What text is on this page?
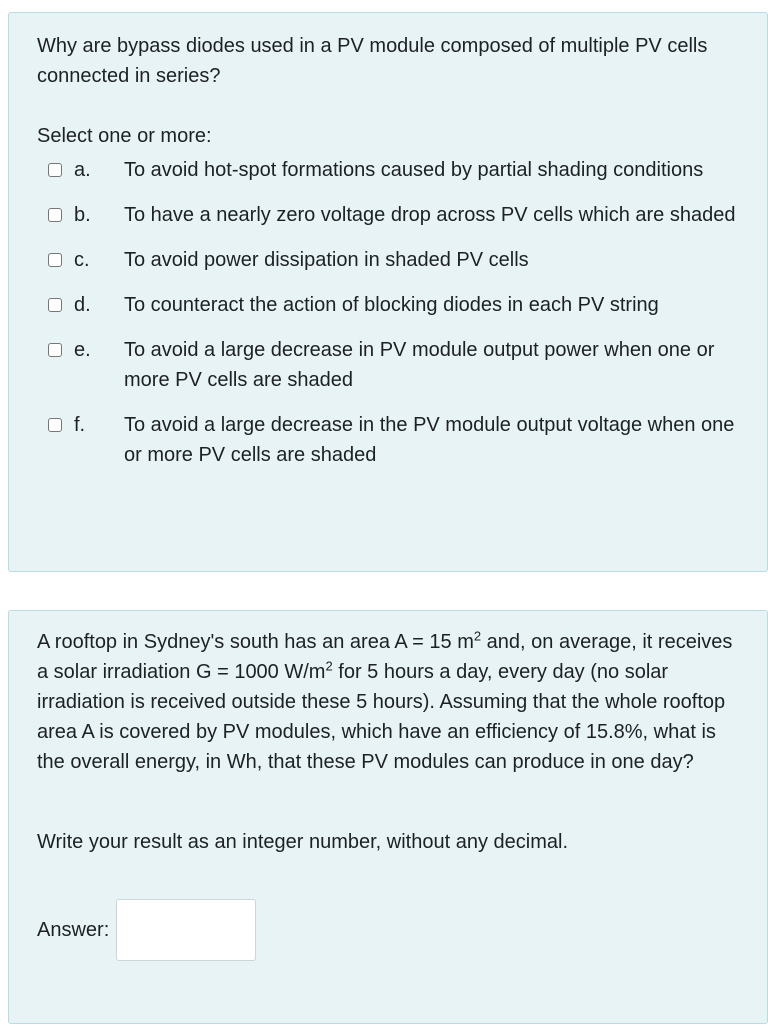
Why are bypass diodes used in a PV module composed of multiple PV cells connected in series?

Select one or more:
a.	To avoid hot-spot formations caused by partial shading conditions
b.	To have a nearly zero voltage drop across PV cells which are shaded
c.	To avoid power dissipation in shaded PV cells
d.	To counteract the action of blocking diodes in each PV string
e.	To avoid a large decrease in PV module output power when one or more PV cells are shaded
f.	To avoid a large decrease in the PV module output voltage when one or more PV cells are shaded

A rooftop in Sydney's south has an area A = 15 $m^2$ and, on average, it receives a solar irradiation G = 1000 $W/m^2$ for 5 hours a day, every day (no solar irradiation is received outside these 5 hours). Assuming that the whole rooftop area A is covered by PV modules, which have an efficiency of 15.8%, what is the overall energy, in Wh, that these PV modules can produce in one day?

Write your result as an integer number, without any decimal.
Answer:
